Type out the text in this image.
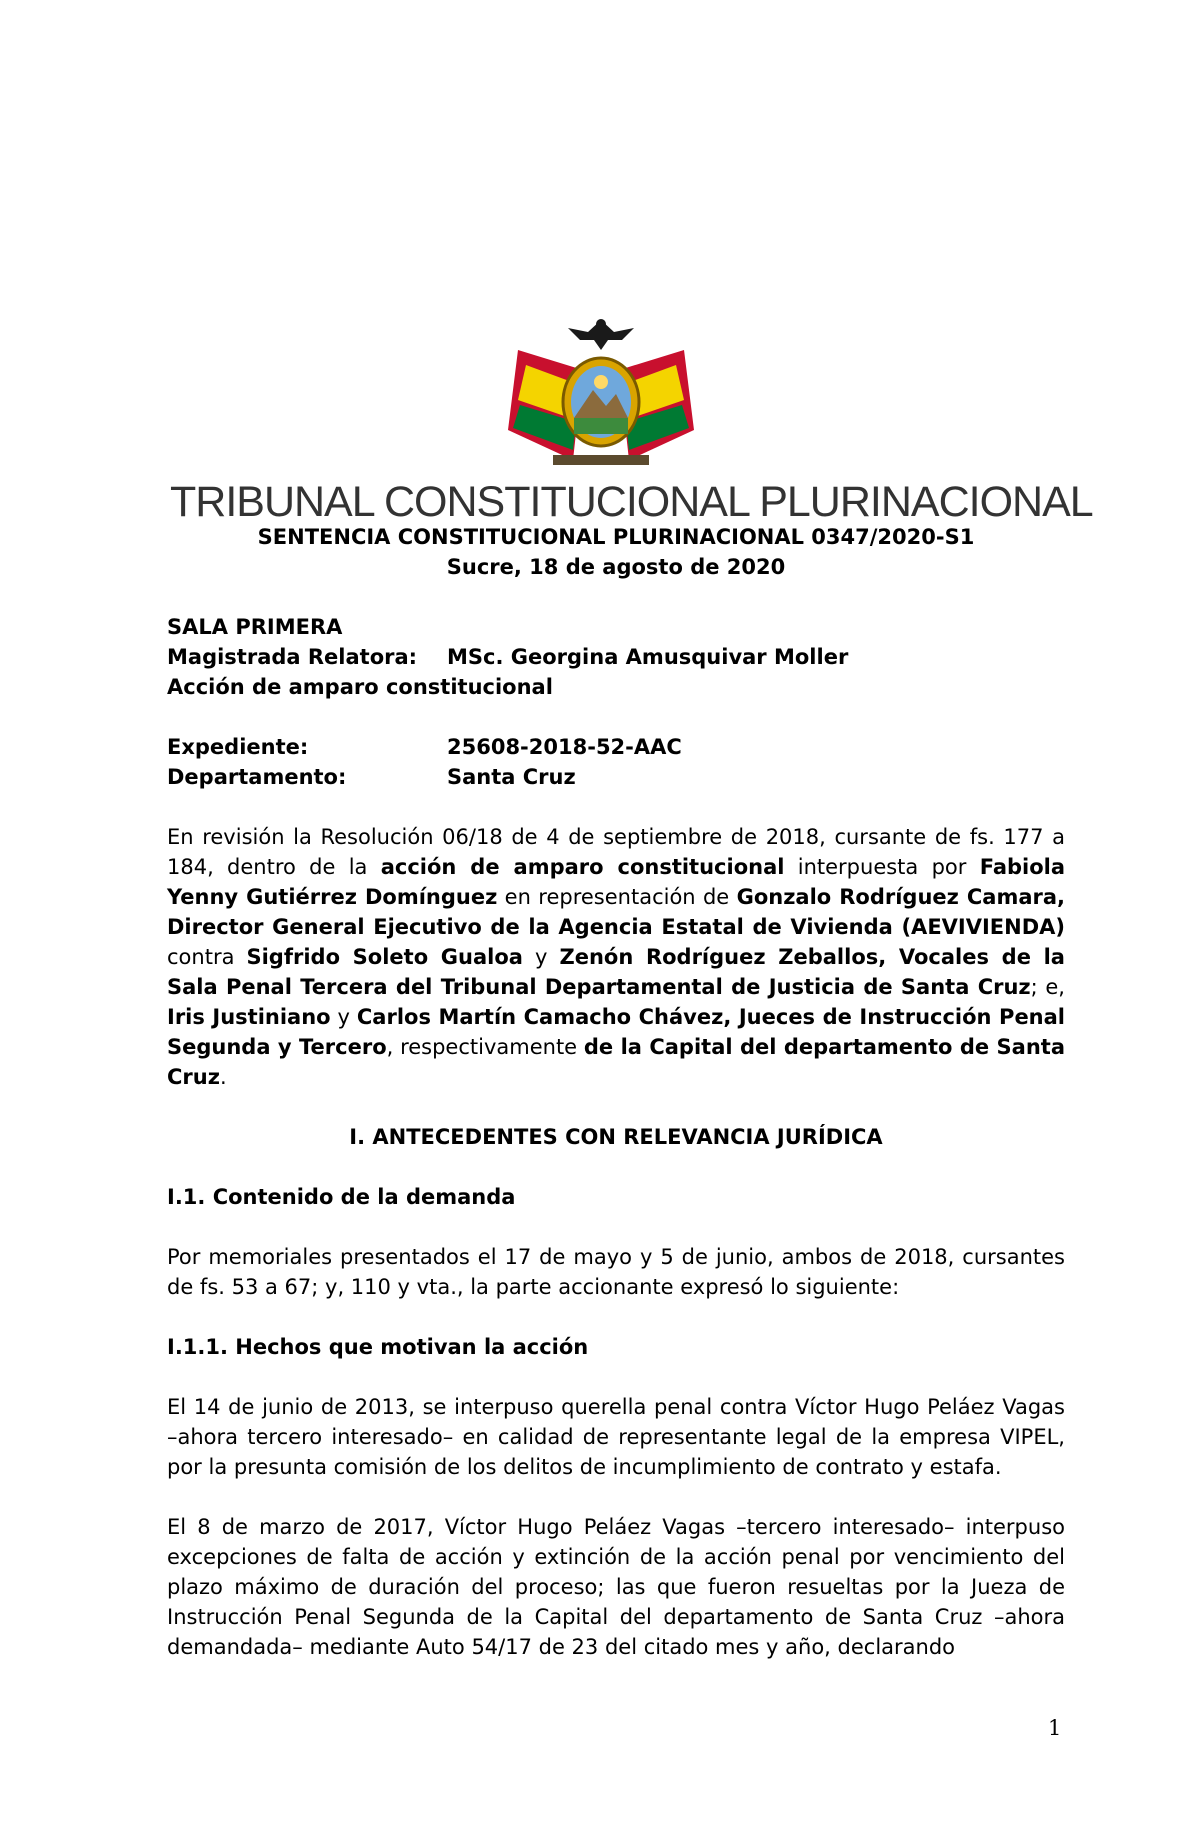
TRIBUNAL CONSTITUCIONAL PLURINACIONAL

SENTENCIA CONSTITUCIONAL PLURINACIONAL 0347/2020-S1

Sucre, 18 de agosto de 2020

SALA PRIMERA

Magistrada Relatora:	MSc. Georgina Amusquivar Moller

Acción de amparo constitucional

Expediente:	25608-2018-52-AAC
Departamento:	Santa Cruz

En revisión la Resolución 06/18 de 4 de septiembre de 2018, cursante de fs. 177 a 184, dentro de la acción de amparo constitucional interpuesta por Fabiola Yenny Gutiérrez Domínguez en representación de Gonzalo Rodríguez Camara, Director General Ejecutivo de la Agencia Estatal de Vivienda (AEVIVIENDA) contra Sigfrido Soleto Gualoa y Zenón Rodríguez Zeballos, Vocales de la Sala Penal Tercera del Tribunal Departamental de Justicia de Santa Cruz; e, Iris Justiniano y Carlos Martín Camacho Chávez, Jueces de Instrucción Penal Segunda y Tercero, respectivamente de la Capital del departamento de Santa Cruz.

I. ANTECEDENTES CON RELEVANCIA JURÍDICA

I.1. Contenido de la demanda

Por memoriales presentados el 17 de mayo y 5 de junio, ambos de 2018, cursantes de fs. 53 a 67; y, 110 y vta., la parte accionante expresó lo siguiente:

I.1.1. Hechos que motivan la acción

El 14 de junio de 2013, se interpuso querella penal contra Víctor Hugo Peláez Vagas –ahora tercero interesado– en calidad de representante legal de la empresa VIPEL, por la presunta comisión de los delitos de incumplimiento de contrato y estafa.

El 8 de marzo de 2017, Víctor Hugo Peláez Vagas –tercero interesado– interpuso excepciones de falta de acción y extinción de la acción penal por vencimiento del plazo máximo de duración del proceso; las que fueron resueltas por la Jueza de Instrucción Penal Segunda de la Capital del departamento de Santa Cruz –ahora demandada– mediante Auto 54/17 de 23 del citado mes y año, declarando

1
